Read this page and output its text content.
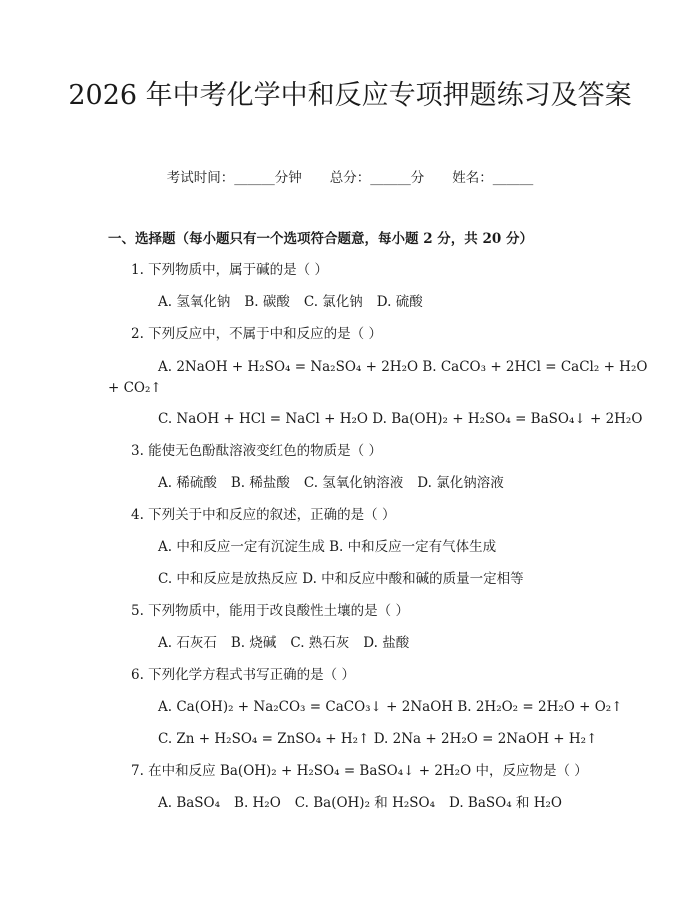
2026 年中考化学中和反应专项押题练习及答案
考试时间：______分钟 总分：______分 姓名：______
一、选择题（每小题只有一个选项符合题意，每小题 2 分，共 20 分）
1. 下列物质中，属于碱的是（ ）
A. 氢氧化钠 B. 碳酸 C. 氯化钠 D. 硫酸
2. 下列反应中，不属于中和反应的是（ ）
A. 2NaOH + H₂SO₄ = Na₂SO₄ + 2H₂O B. CaCO₃ + 2HCl = CaCl₂ + H₂O
+ CO₂↑
C. NaOH + HCl = NaCl + H₂O D. Ba(OH)₂ + H₂SO₄ = BaSO₄↓ + 2H₂O
3. 能使无色酚酞溶液变红色的物质是（ ）
A. 稀硫酸 B. 稀盐酸 C. 氢氧化钠溶液 D. 氯化钠溶液
4. 下列关于中和反应的叙述，正确的是（ ）
A. 中和反应一定有沉淀生成 B. 中和反应一定有气体生成
C. 中和反应是放热反应 D. 中和反应中酸和碱的质量一定相等
5. 下列物质中，能用于改良酸性土壤的是（ ）
A. 石灰石 B. 烧碱 C. 熟石灰 D. 盐酸
6. 下列化学方程式书写正确的是（ ）
A. Ca(OH)₂ + Na₂CO₃ = CaCO₃↓ + 2NaOH B. 2H₂O₂ = 2H₂O + O₂↑
C. Zn + H₂SO₄ = ZnSO₄ + H₂↑ D. 2Na + 2H₂O = 2NaOH + H₂↑
7. 在中和反应 Ba(OH)₂ + H₂SO₄ = BaSO₄↓ + 2H₂O 中，反应物是（ ）
A. BaSO₄ B. H₂O C. Ba(OH)₂ 和 H₂SO₄ D. BaSO₄ 和 H₂O
